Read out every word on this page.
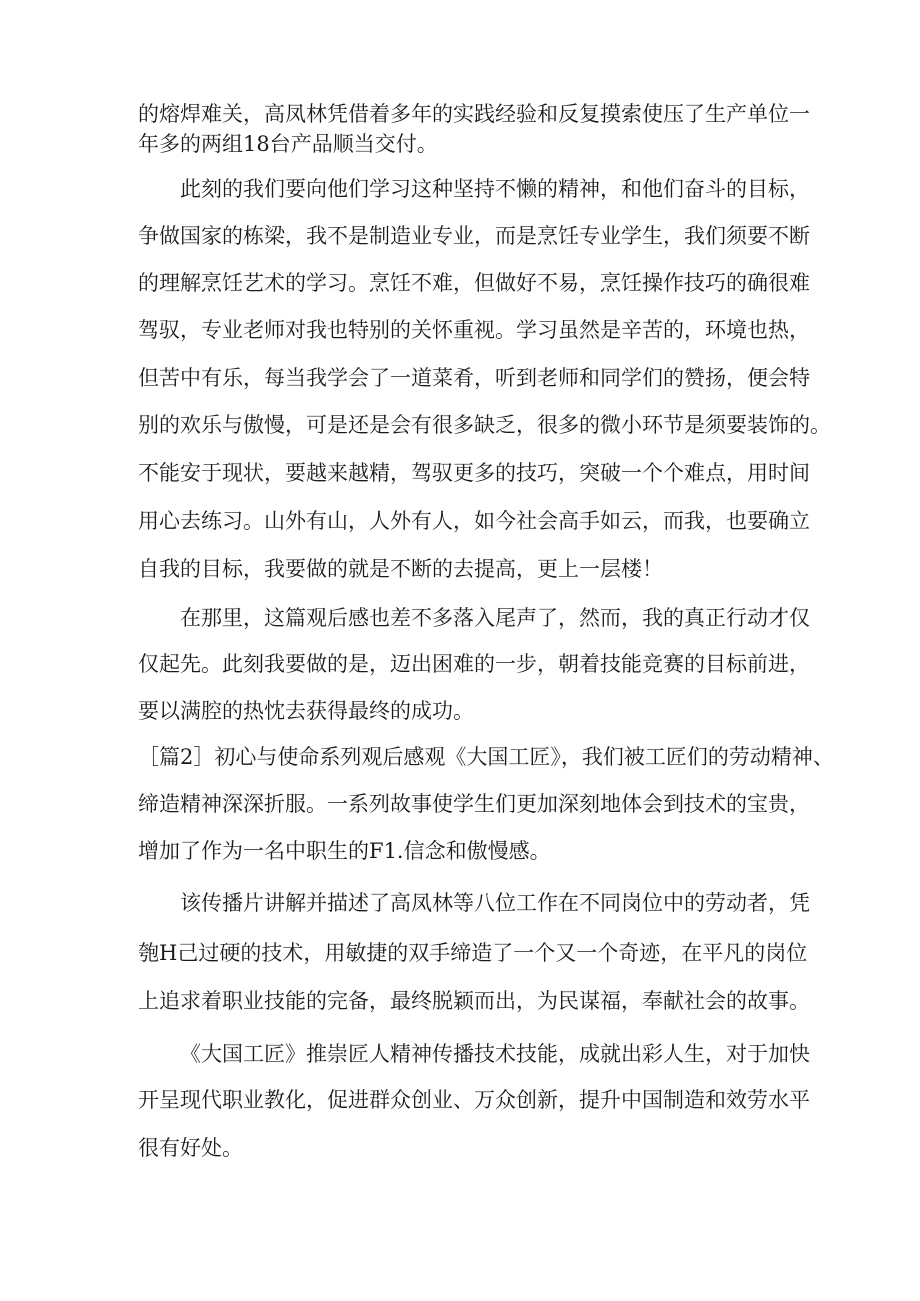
的熔焊难关，高凤林凭借着多年的实践经验和反复摸索使压了生产单位一
年多的两组18台产品顺当交付。
此刻的我们要向他们学习这种坚持不懒的精神，和他们奋斗的目标，
争做国家的栋梁，我不是制造业专业，而是烹饪专业学生，我们须要不断
的理解烹饪艺术的学习。烹饪不难，但做好不易，烹饪操作技巧的确很难
驾驭，专业老师对我也特别的关怀重视。学习虽然是辛苦的，环境也热，
但苦中有乐，每当我学会了一道菜肴，听到老师和同学们的赞扬，便会特
别的欢乐与傲慢，可是还是会有很多缺乏，很多的微小环节是须要装饰的。
不能安于现状，要越来越精，驾驭更多的技巧，突破一个个难点，用时间
用心去练习。山外有山，人外有人，如今社会高手如云，而我，也要确立
自我的目标，我要做的就是不断的去提高，更上一层楼！
在那里，这篇观后感也差不多落入尾声了，然而，我的真正行动才仅
仅起先。此刻我要做的是，迈出困难的一步，朝着技能竞赛的目标前进，
要以满腔的热忱去获得最终的成功。
［篇2］初心与使命系列观后感观《大国工匠》，我们被工匠们的劳动精神、
缔造精神深深折服。一系列故事使学生们更加深刻地体会到技术的宝贵，
增加了作为一名中职生的F1.信念和傲慢感。
该传播片讲解并描述了高凤林等八位工作在不同岗位中的劳动者，凭
匏H己过硬的技术，用敏捷的双手缔造了一个又一个奇迹，在平凡的岗位
上追求着职业技能的完备，最终脱颖而出，为民谋福，奉献社会的故事。
《大国工匠》推崇匠人精神传播技术技能，成就出彩人生，对于加快
开呈现代职业教化，促进群众创业、万众创新，提升中国制造和效劳水平
很有好处。
